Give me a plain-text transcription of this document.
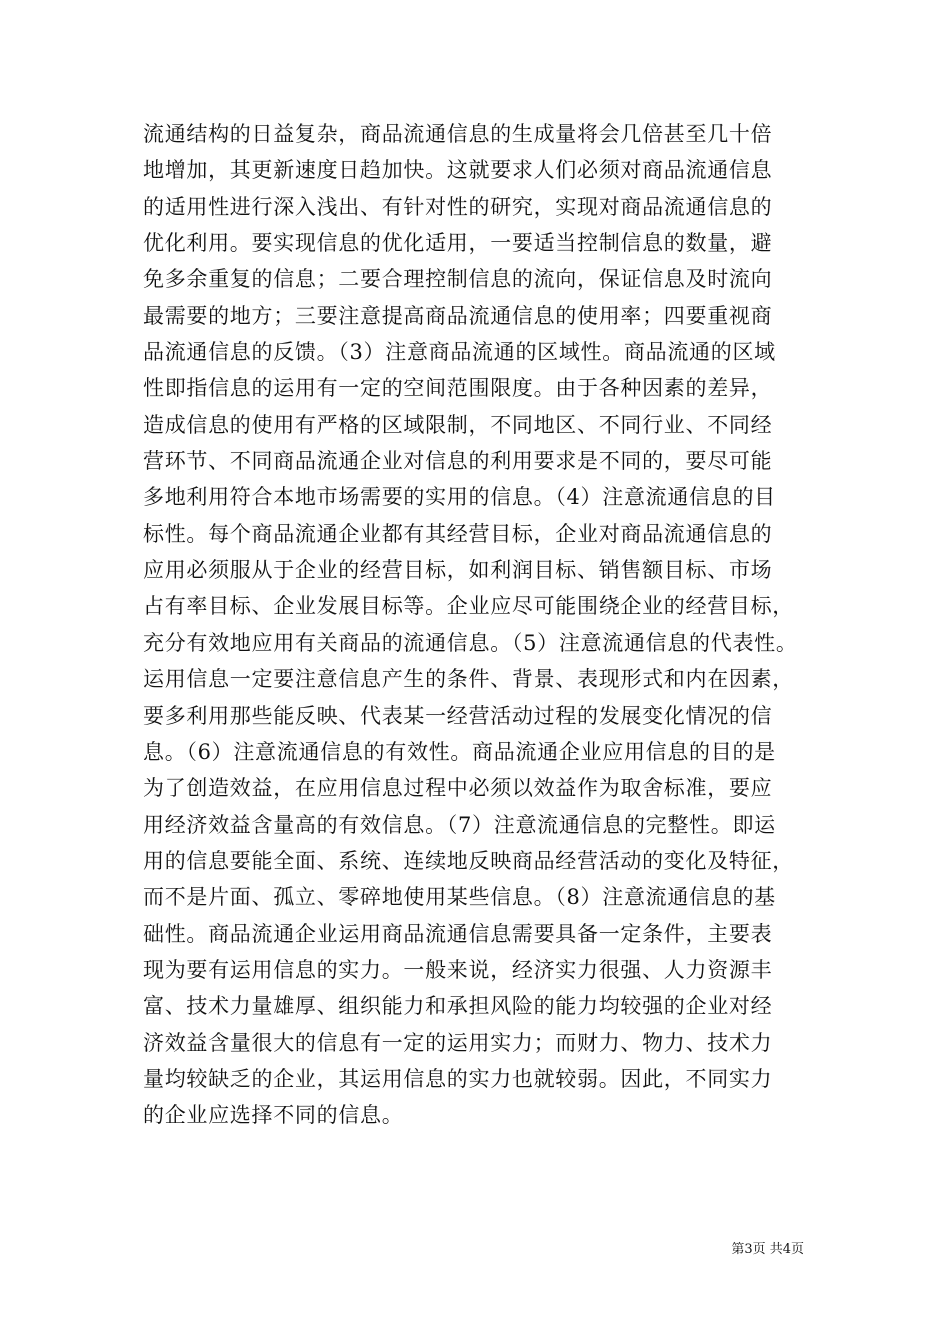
流通结构的日益复杂，商品流通信息的生成量将会几倍甚至几十倍
地增加，其更新速度日趋加快。这就要求人们必须对商品流通信息
的适用性进行深入浅出、有针对性的研究，实现对商品流通信息的
优化利用。要实现信息的优化适用，一要适当控制信息的数量，避
免多余重复的信息；二要合理控制信息的流向，保证信息及时流向
最需要的地方；三要注意提高商品流通信息的使用率；四要重视商
品流通信息的反馈。（3）注意商品流通的区域性。商品流通的区域
性即指信息的运用有一定的空间范围限度。由于各种因素的差异，
造成信息的使用有严格的区域限制，不同地区、不同行业、不同经
营环节、不同商品流通企业对信息的利用要求是不同的，要尽可能
多地利用符合本地市场需要的实用的信息。（4）注意流通信息的目
标性。每个商品流通企业都有其经营目标，企业对商品流通信息的
应用必须服从于企业的经营目标，如利润目标、销售额目标、市场
占有率目标、企业发展目标等。企业应尽可能围绕企业的经营目标，
充分有效地应用有关商品的流通信息。（5）注意流通信息的代表性。
运用信息一定要注意信息产生的条件、背景、表现形式和内在因素，
要多利用那些能反映、代表某一经营活动过程的发展变化情况的信
息。（6）注意流通信息的有效性。商品流通企业应用信息的目的是
为了创造效益，在应用信息过程中必须以效益作为取舍标准，要应
用经济效益含量高的有效信息。（7）注意流通信息的完整性。即运
用的信息要能全面、系统、连续地反映商品经营活动的变化及特征，
而不是片面、孤立、零碎地使用某些信息。（8）注意流通信息的基
础性。商品流通企业运用商品流通信息需要具备一定条件，主要表
现为要有运用信息的实力。一般来说，经济实力很强、人力资源丰
富、技术力量雄厚、组织能力和承担风险的能力均较强的企业对经
济效益含量很大的信息有一定的运用实力；而财力、物力、技术力
量均较缺乏的企业，其运用信息的实力也就较弱。因此，不同实力
的企业应选择不同的信息。
第3页 共4页
